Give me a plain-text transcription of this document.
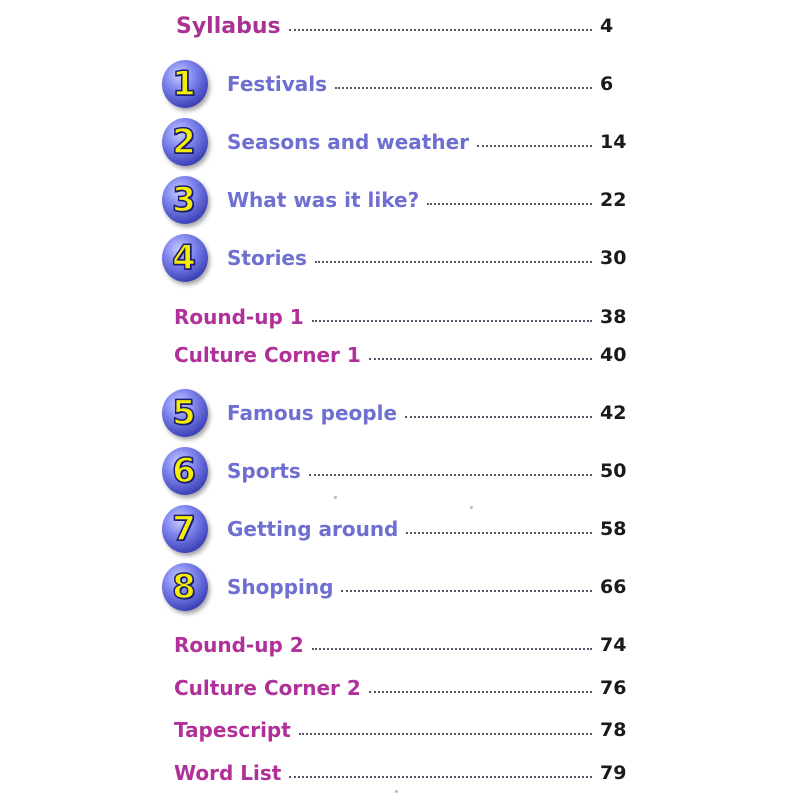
Syllabus	4
1 Festivals	6
2 Seasons and weather	14
3 What was it like?	22
4 Stories	30
Round-up 1	38
Culture Corner 1	40
5 Famous people	42
6 Sports	50
7 Getting around	58
8 Shopping	66
Round-up 2	74
Culture Corner 2	76
Tapescript	78
Word List	79
